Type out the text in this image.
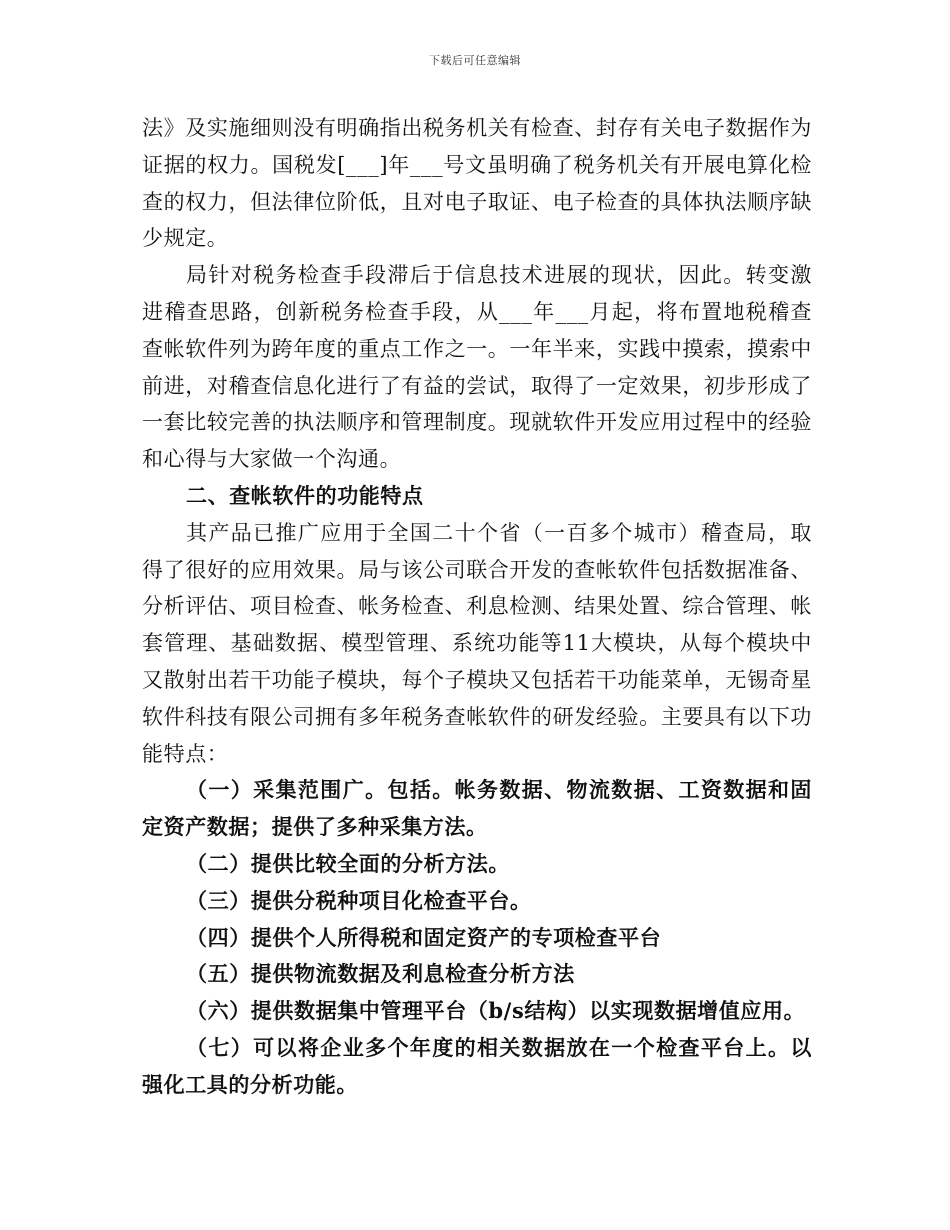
下载后可任意编辑

法》及实施细则没有明确指出税务机关有检查、封存有关电子数据作为证据的权力。国税发[___]年___号文虽明确了税务机关有开展电算化检查的权力，但法律位阶低，且对电子取证、电子检查的具体执法顺序缺少规定。

局针对税务检查手段滞后于信息技术进展的现状，因此。转变激进稽查思路，创新税务检查手段，从___年___月起，将布置地税稽查查帐软件列为跨年度的重点工作之一。一年半来，实践中摸索，摸索中前进，对稽查信息化进行了有益的尝试，取得了一定效果，初步形成了一套比较完善的执法顺序和管理制度。现就软件开发应用过程中的经验和心得与大家做一个沟通。

二、查帐软件的功能特点

其产品已推广应用于全国二十个省（一百多个城市）稽查局，取得了很好的应用效果。局与该公司联合开发的查帐软件包括数据准备、分析评估、项目检查、帐务检查、利息检测、结果处置、综合管理、帐套管理、基础数据、模型管理、系统功能等11大模块，从每个模块中又散射出若干功能子模块，每个子模块又包括若干功能菜单，无锡奇星软件科技有限公司拥有多年税务查帐软件的研发经验。主要具有以下功能特点：

（一）采集范围广。包括。帐务数据、物流数据、工资数据和固定资产数据；提供了多种采集方法。

（二）提供比较全面的分析方法。

（三）提供分税种项目化检查平台。

（四）提供个人所得税和固定资产的专项检查平台

（五）提供物流数据及利息检查分析方法

（六）提供数据集中管理平台（b/s结构）以实现数据增值应用。

（七）可以将企业多个年度的相关数据放在一个检查平台上。以强化工具的分析功能。
